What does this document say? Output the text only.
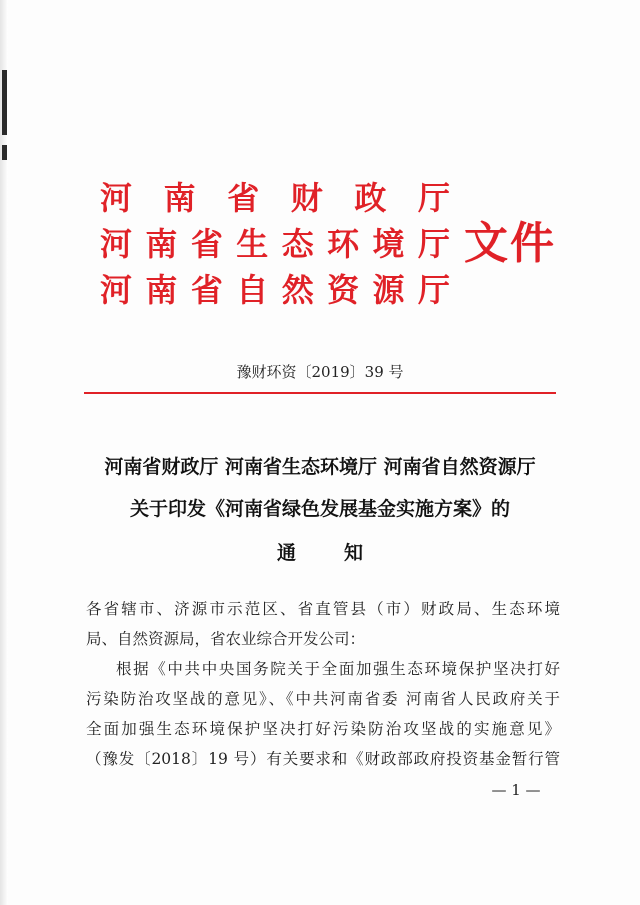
河 南 省 财 政 厅
河南省生态环境厅
河南省自然资源厅
文件
豫财环资〔2019〕39 号
河南省财政厅 河南省生态环境厅 河南省自然资源厅
关于印发《河南省绿色发展基金实施方案》的
通	知
各省辖市、济源市示范区、省直管县（市）财政局、生态环境
局、自然资源局，省农业综合开发公司：
根据《中共中央国务院关于全面加强生态环境保护坚决打好
污染防治攻坚战的意见》、《中共河南省委 河南省人民政府关于
全面加强生态环境保护坚决打好污染防治攻坚战的实施意见》
（豫发〔2018〕19 号）有关要求和《财政部政府投资基金暂行管
— 1 —
